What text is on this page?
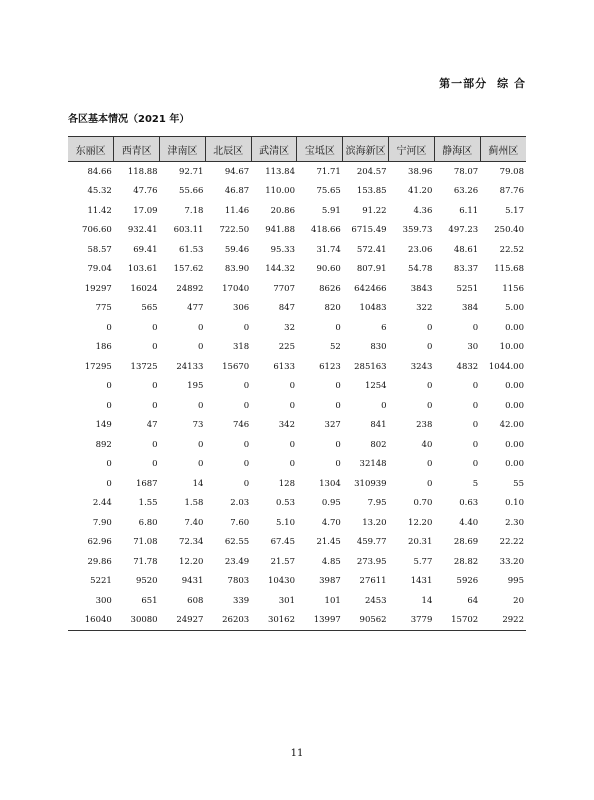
第一部分 综 合
各区基本情况（2021 年）
东丽区	西青区	津南区	北辰区	武清区	宝坻区	滨海新区	宁河区	静海区	蓟州区
84.66	118.88	92.71	94.67	113.84	71.71	204.57	38.96	78.07	79.08
45.32	47.76	55.66	46.87	110.00	75.65	153.85	41.20	63.26	87.76
11.42	17.09	7.18	11.46	20.86	5.91	91.22	4.36	6.11	5.17
706.60	932.41	603.11	722.50	941.88	418.66	6715.49	359.73	497.23	250.40
58.57	69.41	61.53	59.46	95.33	31.74	572.41	23.06	48.61	22.52
79.04	103.61	157.62	83.90	144.32	90.60	807.91	54.78	83.37	115.68
19297	16024	24892	17040	7707	8626	642466	3843	5251	1156
775	565	477	306	847	820	10483	322	384	5.00
0	0	0	0	32	0	6	0	0	0.00
186	0	0	318	225	52	830	0	30	10.00
17295	13725	24133	15670	6133	6123	285163	3243	4832	1044.00
0	0	195	0	0	0	1254	0	0	0.00
0	0	0	0	0	0	0	0	0	0.00
149	47	73	746	342	327	841	238	0	42.00
892	0	0	0	0	0	802	40	0	0.00
0	0	0	0	0	0	32148	0	0	0.00
0	1687	14	0	128	1304	310939	0	5	55
2.44	1.55	1.58	2.03	0.53	0.95	7.95	0.70	0.63	0.10
7.90	6.80	7.40	7.60	5.10	4.70	13.20	12.20	4.40	2.30
62.96	71.08	72.34	62.55	67.45	21.45	459.77	20.31	28.69	22.22
29.86	71.78	12.20	23.49	21.57	4.85	273.95	5.77	28.82	33.20
5221	9520	9431	7803	10430	3987	27611	1431	5926	995
300	651	608	339	301	101	2453	14	64	20
16040	30080	24927	26203	30162	13997	90562	3779	15702	2922
11
